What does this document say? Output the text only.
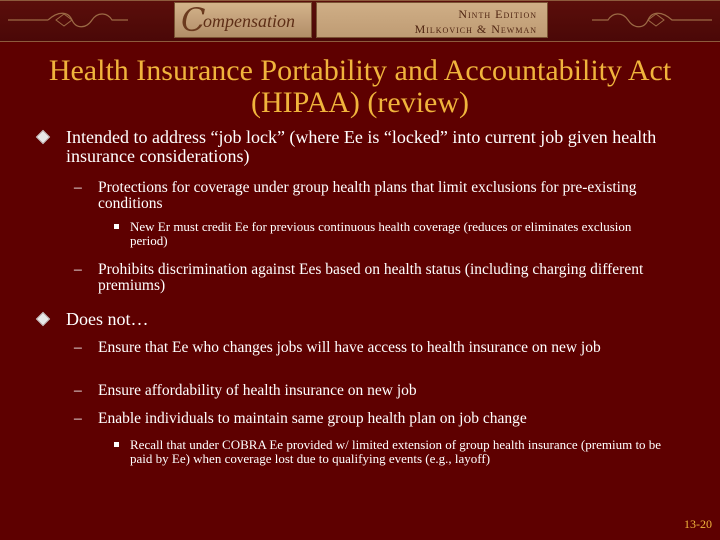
C
ompensation	Ninth Edition
Milkovich & Newman
Health Insurance Portability and Accountability Act (HIPAA) (review)
Intended to address “job lock” (where Ee is “locked” into current job given health insurance considerations)
– Protections for coverage under group health plans that limit exclusions for pre-existing conditions
New Er must credit Ee for previous continuous health coverage (reduces or eliminates exclusion period)
– Prohibits discrimination against Ees based on health status (including charging different premiums)
Does not…
– Ensure that Ee who changes jobs will have access to health insurance on new job
– Ensure affordability of health insurance on new job
– Enable individuals to maintain same group health plan on job change
Recall that under COBRA Ee provided w/ limited extension of group health insurance (premium to be paid by Ee) when coverage lost due to qualifying events (e.g., layoff)
13-20
